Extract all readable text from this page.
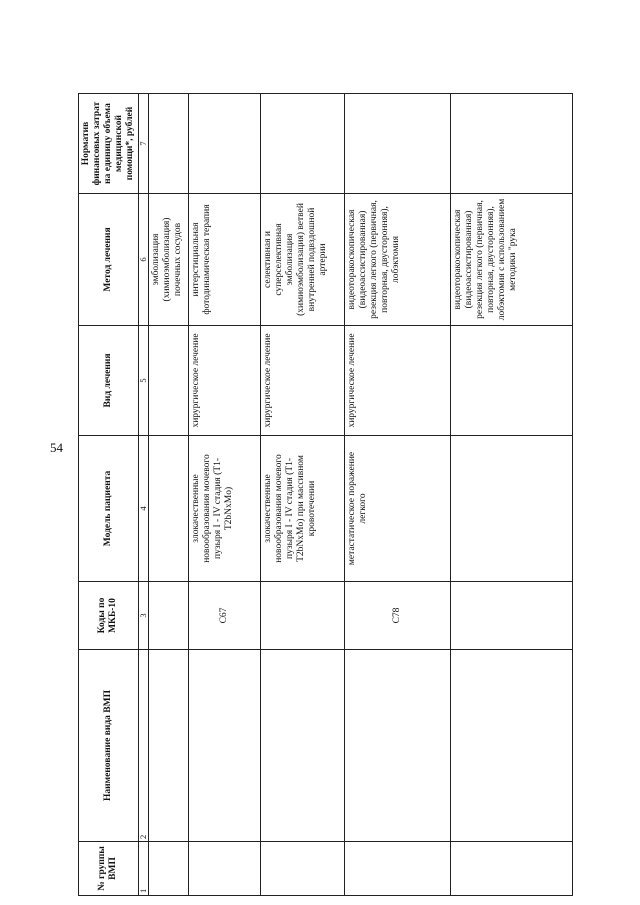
54
№ группы ВМП	Наименование вида ВМП	Коды по МКБ-10	Модель пациента	Вид лечения	Метод лечения	Норматив финансовых затрат на единицу объема медицинской помощи*, рублей
1	2	3	4	5	6	7
					эмболизация (химиоэмболизация) почечных сосудов	
		C67	злокачественные новообразования мочевого пузыря I - IV стадия (T1-T2bNxMo)	хирургическое лечение	интерстициальная фотодинамическая терапия	
			злокачественные новообразования мочевого пузыря I - IV стадия (T1-T2bNxMo) при массивном кровотечении	хирургическое лечение	селективная и суперселективная эмболизация (химиоэмболизация) ветвей внутренней подвздошной артерии	
		C78	метастатическое поражение легкого	хирургическое лечение	видеоторакоскопическая (видеоассистированная) резекция легкого (первичная, повторная, двусторонняя), лобэктомия	
					видеоторакоскопическая (видеоассистированная) резекция легкого (первичная, повторная, двусторонняя), лобэктомия с использованием методики "рука	
